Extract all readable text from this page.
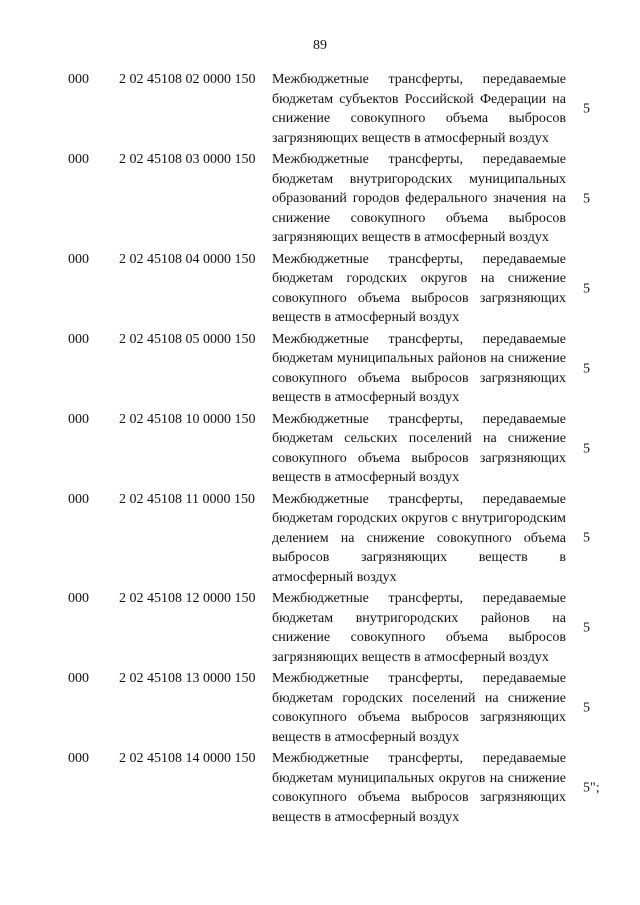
89
000 2 02 45108 02 0000 150 Межбюджетные трансферты, передаваемые бюджетам субъектов Российской Федерации на снижение совокупного объема выбросов загрязняющих веществ в атмосферный воздух
5
000 2 02 45108 03 0000 150 Межбюджетные трансферты, передаваемые бюджетам внутригородских муниципальных образований городов федерального значения на снижение совокупного объема выбросов загрязняющих веществ в атмосферный воздух
5
000 2 02 45108 04 0000 150 Межбюджетные трансферты, передаваемые бюджетам городских округов на снижение совокупного объема выбросов загрязняющих веществ в атмосферный воздух
5
000 2 02 45108 05 0000 150 Межбюджетные трансферты, передаваемые бюджетам муниципальных районов на снижение совокупного объема выбросов загрязняющих веществ в атмосферный воздух
5
000 2 02 45108 10 0000 150 Межбюджетные трансферты, передаваемые бюджетам сельских поселений на снижение совокупного объема выбросов загрязняющих веществ в атмосферный воздух
5
000 2 02 45108 11 0000 150 Межбюджетные трансферты, передаваемые бюджетам городских округов с внутригородским делением на снижение совокупного объема выбросов загрязняющих веществ в атмосферный воздух
5
000 2 02 45108 12 0000 150 Межбюджетные трансферты, передаваемые бюджетам внутригородских районов на снижение совокупного объема выбросов загрязняющих веществ в атмосферный воздух
5
000 2 02 45108 13 0000 150 Межбюджетные трансферты, передаваемые бюджетам городских поселений на снижение совокупного объема выбросов загрязняющих веществ в атмосферный воздух
5
000 2 02 45108 14 0000 150 Межбюджетные трансферты, передаваемые бюджетам муниципальных округов на снижение совокупного объема выбросов загрязняющих веществ в атмосферный воздух
5";
